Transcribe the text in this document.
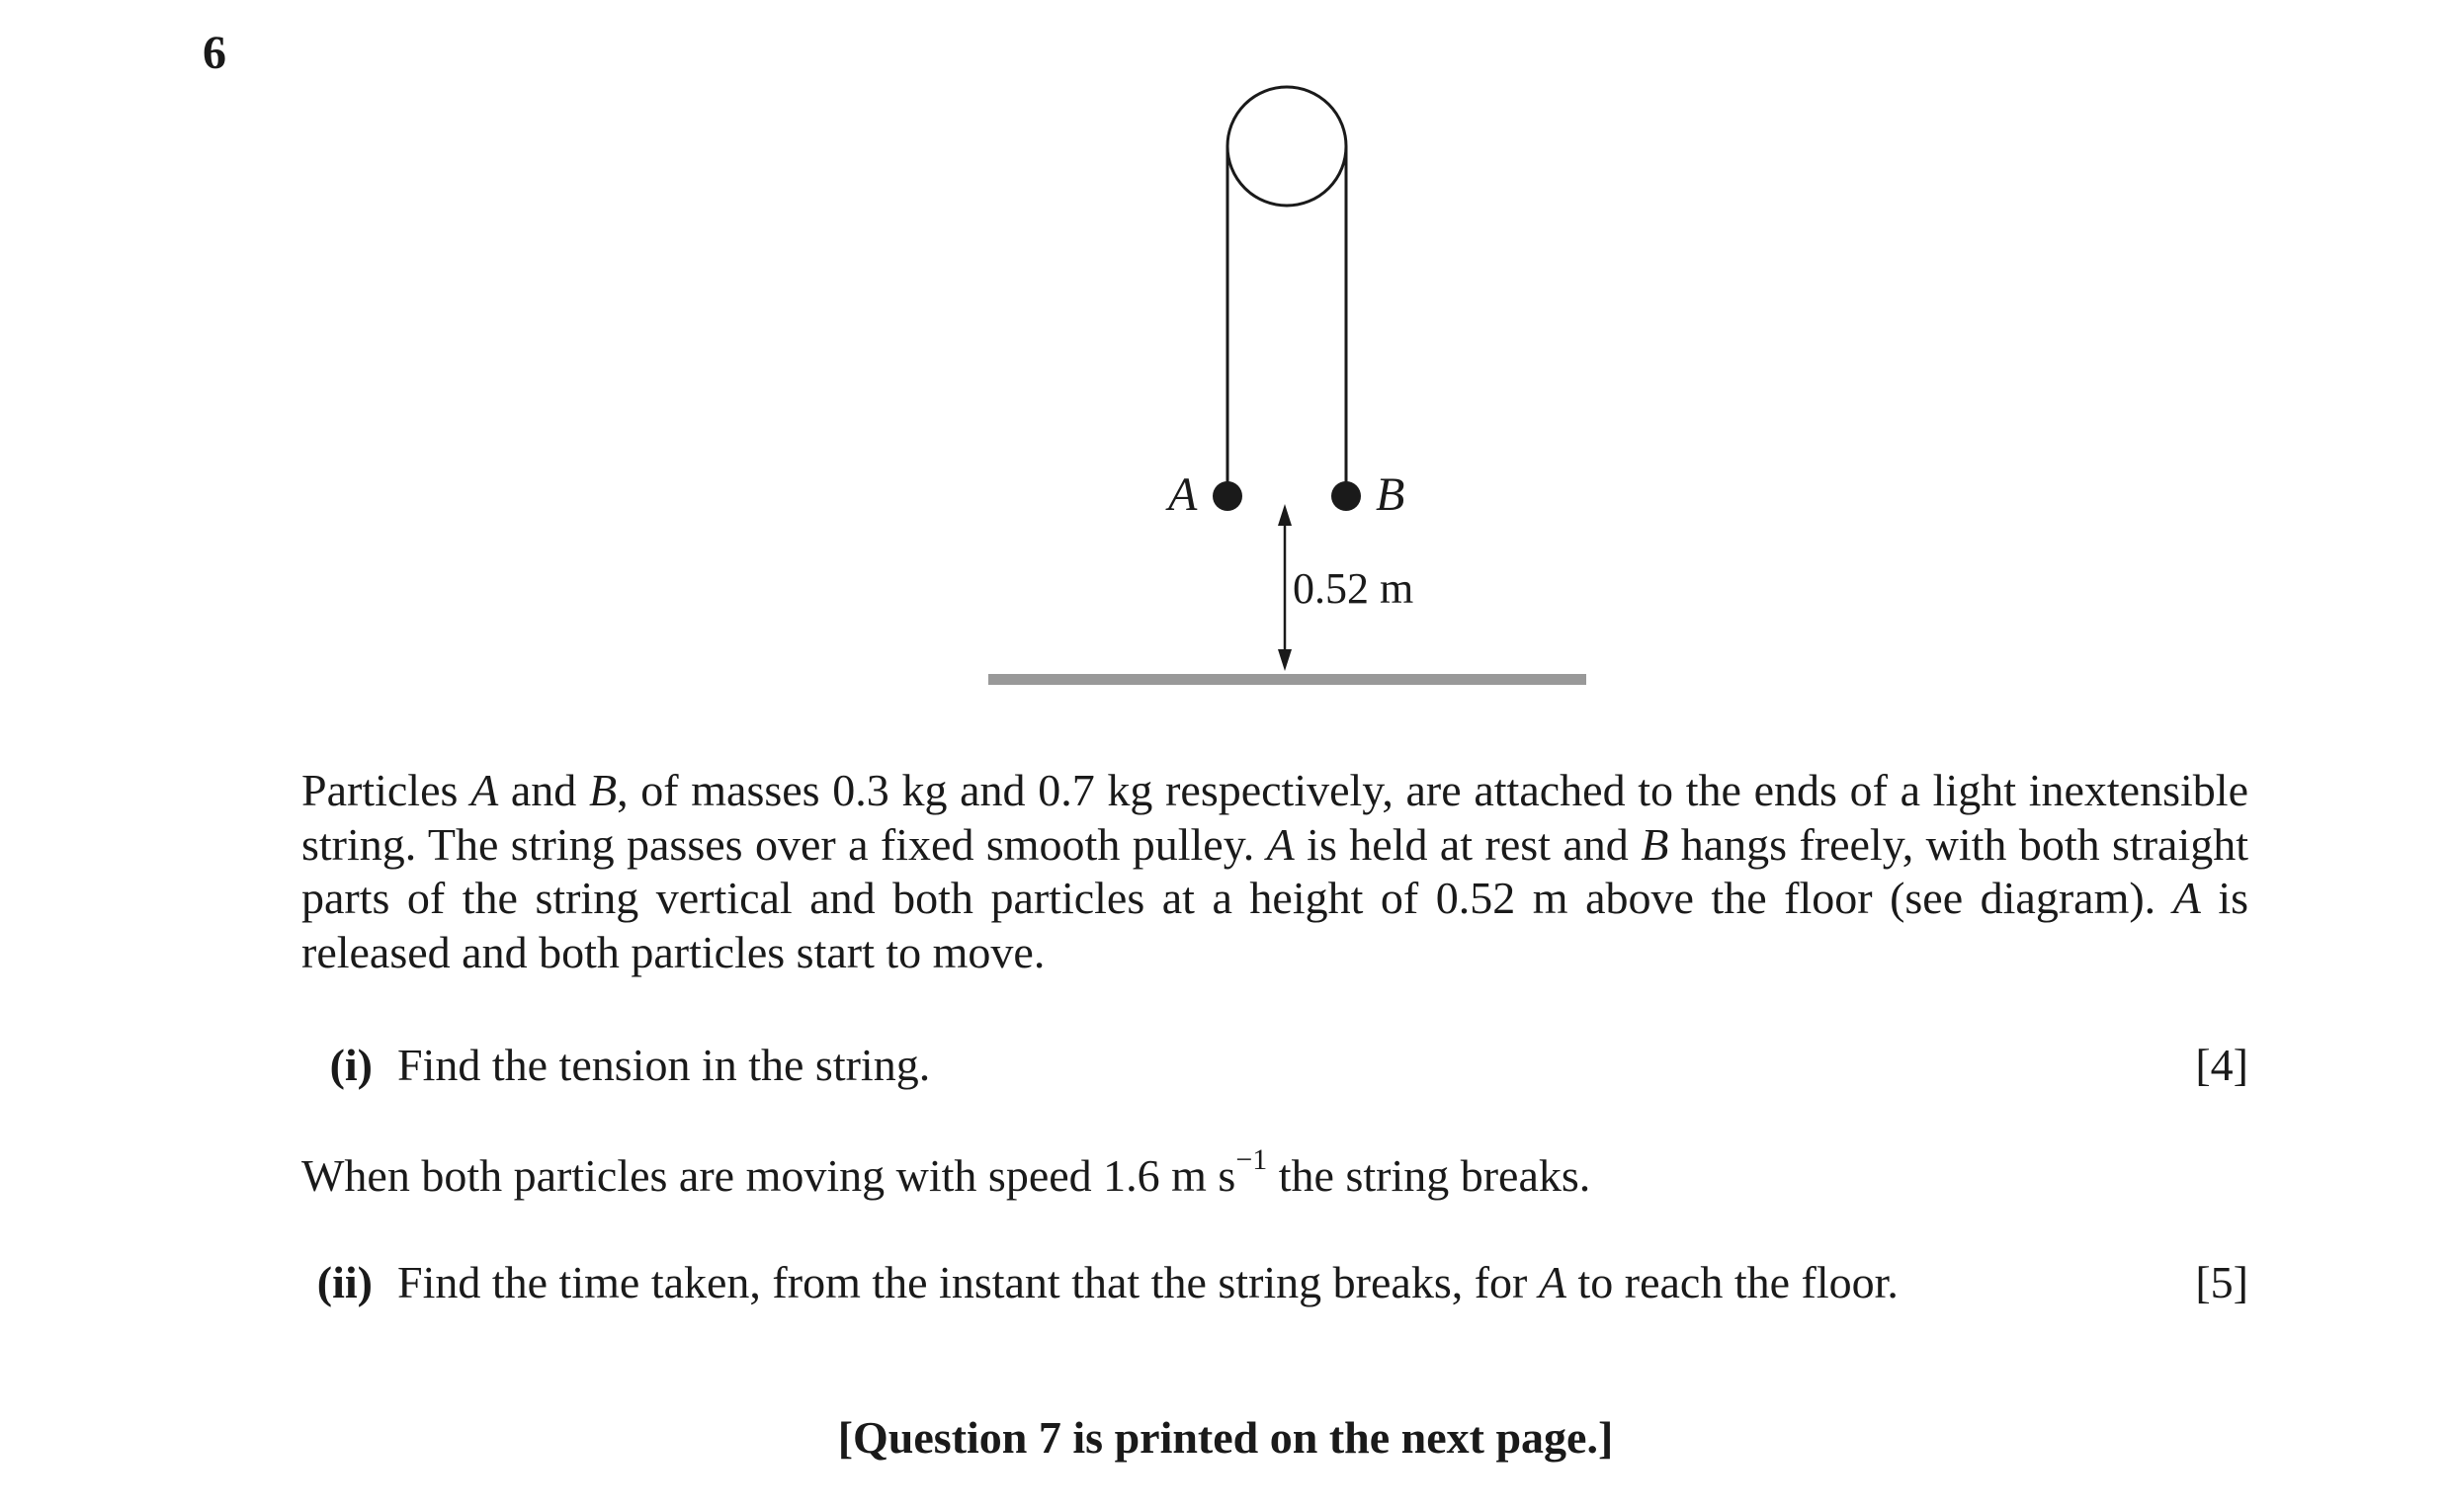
6
A	B
0.52 m
Particles A and B, of masses 0.3 kg and 0.7 kg respectively, are attached to the ends of a light inextensible string. The string passes over a fixed smooth pulley. A is held at rest and B hangs freely, with both straight parts of the string vertical and both particles at a height of 0.52 m above the floor (see diagram). A is released and both particles start to move.
(i) Find the tension in the string.	[4]
When both particles are moving with speed 1.6 m $s^{-1}$ the string breaks.
(ii) Find the time taken, from the instant that the string breaks, for A to reach the floor.	[5]
[Question 7 is printed on the next page.]
